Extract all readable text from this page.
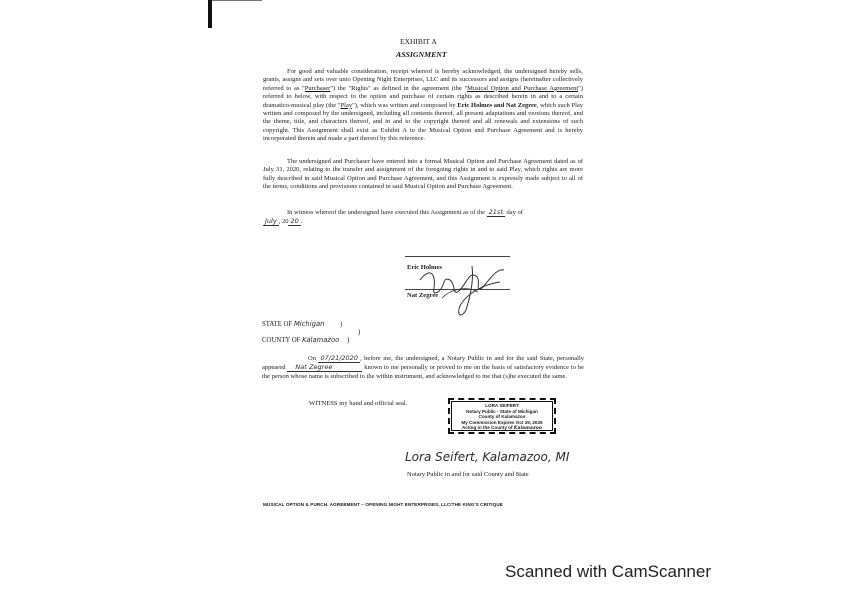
EXHIBIT A
ASSIGNMENT
For good and valuable consideration, receipt whereof is hereby acknowledged, the undersigned hereby sells, grants, assigns and sets over unto Opening Night Enterprises, LLC and its successors and assigns (hereinafter collectively referred to as "Purchaser") the "Rights" as defined in the agreement (the "Musical Option and Purchase Agreement") referred to below, with respect to the option and purchase of certain rights as described herein in and to a certain dramatico-musical play (the "Play"), which was written and composed by Eric Holmes and Nat Zegree, which such Play written and composed by the undersigned, including all contents thereof, all present adaptations and versions thereof, and the theme, title, and characters thereof, and in and to the copyright thereof and all renewals and extensions of such copyright. This Assignment shall exist as Exhibit A to the Musical Option and Purchase Agreement and is hereby incorporated therein and made a part thereof by this reference.
The undersigned and Purchaser have entered into a formal Musical Option and Purchase Agreement dated as of July 31, 2020, relating to the transfer and assignment of the foregoing rights in and to said Play, which rights are more fully described in said Musical Option and Purchase Agreement, and this Assignment is expressly made subject to all of the terms, conditions and provisions contained in said Musical Option and Purchase Agreement.
In witness whereof the undersigned have executed this Assignment as of the 21st day of
July , 20 20 .
Eric Holmes
Nat Zegree
STATE OF Michigan )
)
COUNTY OF Kalamazoo )
On 07/21/2020 , before me, the undersigned, a Notary Public in and for the said State, personally appeared Nat Zegree	known to me personally or proved to me on the basis of satisfactory evidence to be the person whose name is subscribed to the within instrument, and acknowledged to me that (s)he executed the same.
WITNESS my hand and official seal.	LORA SEIFERT
Notary Public - State of Michigan
County of Kalamazoo
My Commission Expires Oct 29, 2025
Acting in the County of Kalamazoo
Lora Seifert, Kalamazoo, MI
Notary Public in and for said County and State
MUSICAL OPTION & PURCH. AGREEMENT – OPENING NIGHT ENTERPRISES, LLC/THE KING'S CRITIQUE
Scanned with CamScanner
